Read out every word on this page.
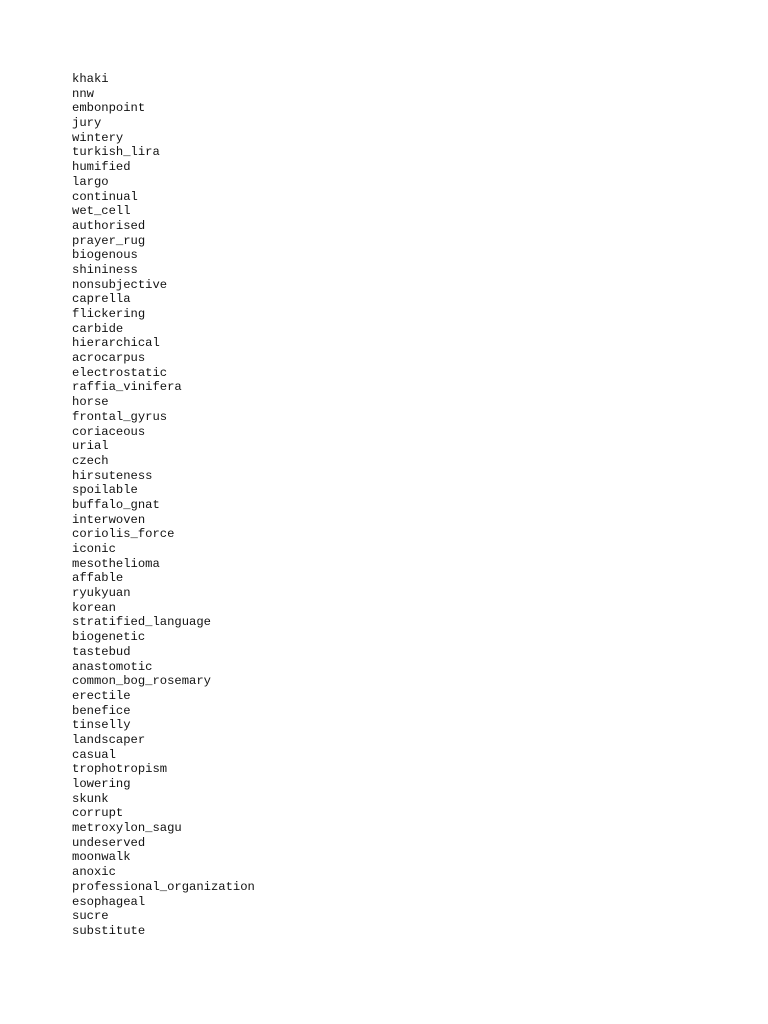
khaki
nnw
embonpoint
jury
wintery
turkish_lira
humified
largo
continual
wet_cell
authorised
prayer_rug
biogenous
shininess
nonsubjective
caprella
flickering
carbide
hierarchical
acrocarpus
electrostatic
raffia_vinifera
horse
frontal_gyrus
coriaceous
urial
czech
hirsuteness
spoilable
buffalo_gnat
interwoven
coriolis_force
iconic
mesothelioma
affable
ryukyuan
korean
stratified_language
biogenetic
tastebud
anastomotic
common_bog_rosemary
erectile
benefice
tinselly
landscaper
casual
trophotropism
lowering
skunk
corrupt
metroxylon_sagu
undeserved
moonwalk
anoxic
professional_organization
esophageal
sucre
substitute
